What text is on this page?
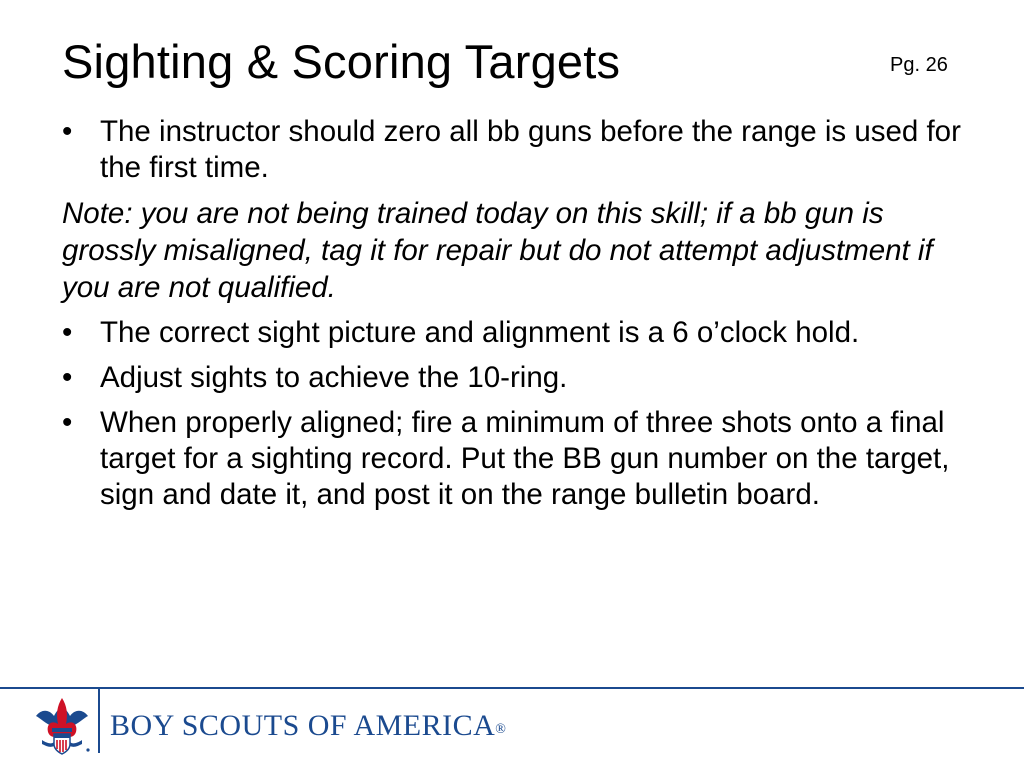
Sighting & Scoring Targets	Pg. 26
• The instructor should zero all bb guns before the range is used for the first time.
Note: you are not being trained today on this skill; if a bb gun is grossly misaligned, tag it for repair but do not attempt adjustment if you are not qualified.
• The correct sight picture and alignment is a 6 o’clock hold.
• Adjust sights to achieve the 10-ring.
• When properly aligned; fire a minimum of three shots onto a final target for a sighting record. Put the BB gun number on the target, sign and date it, and post it on the range bulletin board.
BOY SCOUTS OF AMERICA®
